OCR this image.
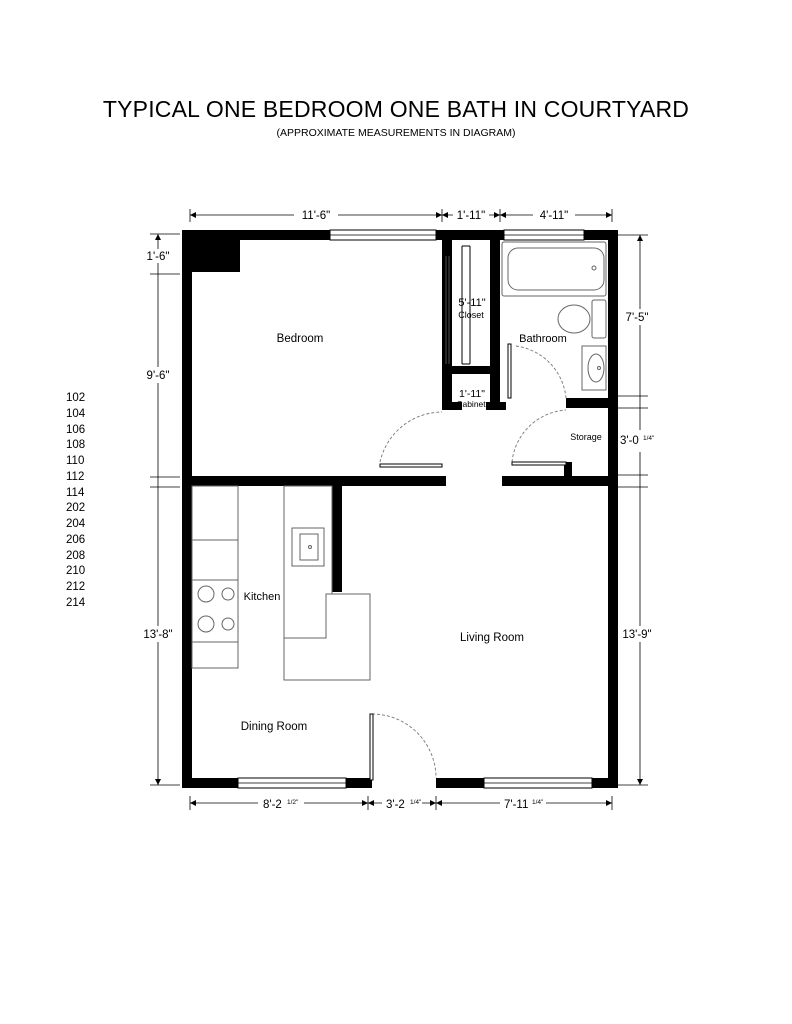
TYPICAL ONE BEDROOM ONE BATH IN COURTYARD
(APPROXIMATE MEASUREMENTS IN DIAGRAM)
102
104
106
108
110
112
114
202
204
206
208
210
212
214
11'-6"	1'-11"	4'-11"
1'-6"
9'-6"
13'-8"
7'-5"
13'-9"
3'-0 1/4"
8'-2 1/2"	3'-2 1/4"	7'-11 1/4"
Bedroom
5'-11"
Closet
Bathroom
1'-11"
Cabinet
Storage
Kitchen
Living Room
Dining Room
